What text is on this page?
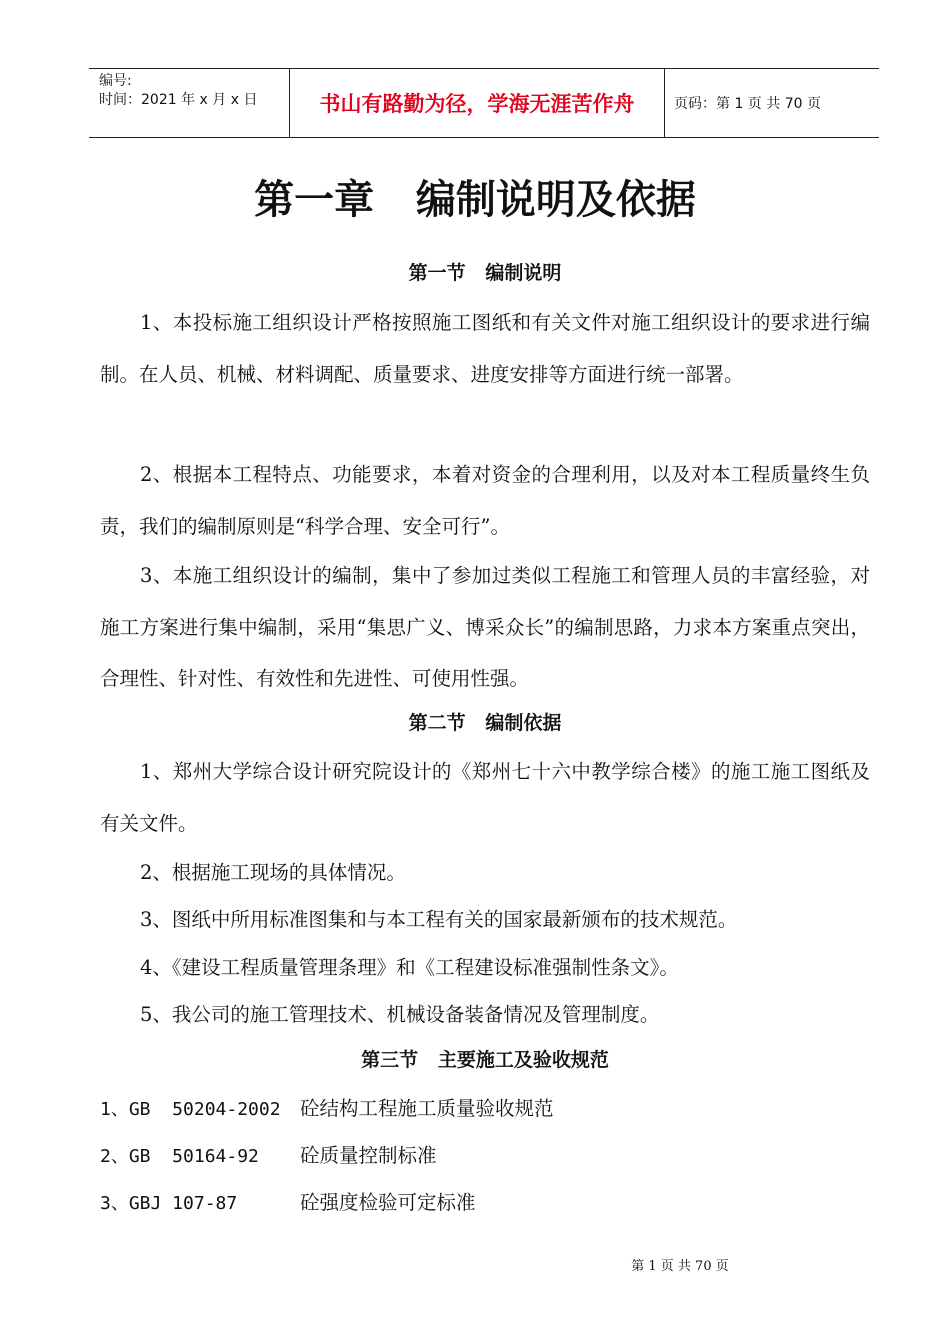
编号:
时间：2021 年 x 月 x 日	书山有路勤为径，学海无涯苦作舟	页码：第 1 页 共 70 页
第一章   编制说明及依据
第一节   编制说明

1、本投标施工组织设计严格按照施工图纸和有关文件对施工组织设计的要求进行编制。在人员、机械、材料调配、质量要求、进度安排等方面进行统一部署。

2、根据本工程特点、功能要求，本着对资金的合理利用，以及对本工程质量终生负责，我们的编制原则是“科学合理、安全可行”。

3、本施工组织设计的编制，集中了参加过类似工程施工和管理人员的丰富经验，对施工方案进行集中编制，采用“集思广义、博采众长”的编制思路，力求本方案重点突出，合理性、针对性、有效性和先进性、可使用性强。

第二节   编制依据

1、郑州大学综合设计研究院设计的《郑州七十六中教学综合楼》的施工施工图纸及有关文件。

2、根据施工现场的具体情况。

3、图纸中所用标准图集和与本工程有关的国家最新颁布的技术规范。

4、《建设工程质量管理条理》和《工程建设标准强制性条文》。

5、我公司的施工管理技术、机械设备装备情况及管理制度。

第三节   主要施工及验收规范

1、GB  50204-2002 砼结构工程施工质量验收规范

2、GB  50164-92 砼质量控制标准

3、GBJ 107-87	砼强度检验可定标准

第 1 页 共 70 页
